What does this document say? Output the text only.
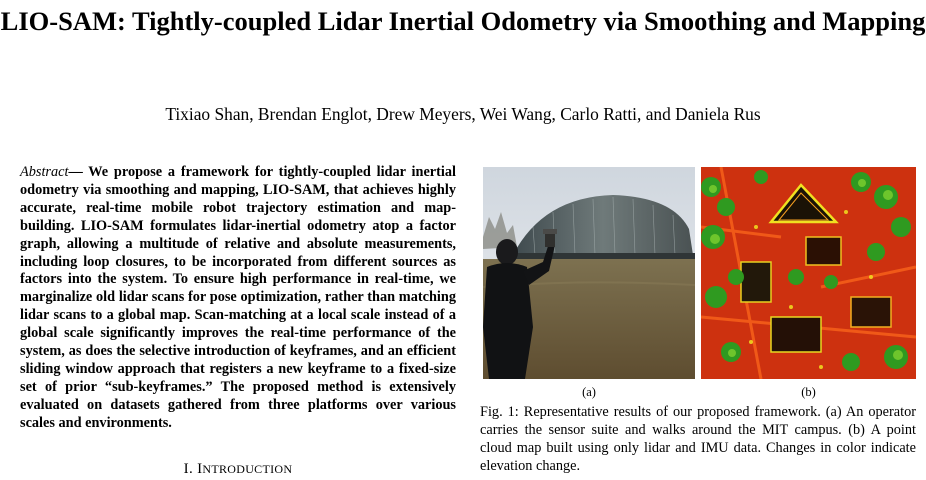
LIO-SAM: Tightly-coupled Lidar Inertial Odometry via Smoothing and Mapping
Tixiao Shan, Brendan Englot, Drew Meyers, Wei Wang, Carlo Ratti, and Daniela Rus
Abstract— We propose a framework for tightly-coupled lidar inertial odometry via smoothing and mapping, LIO-SAM, that achieves highly accurate, real-time mobile robot trajectory estimation and map-building. LIO-SAM formulates lidar-inertial odometry atop a factor graph, allowing a multitude of relative and absolute measurements, including loop closures, to be incorporated from different sources as factors into the system. To ensure high performance in real-time, we marginalize old lidar scans for pose optimization, rather than matching lidar scans to a global map. Scan-matching at a local scale instead of a global scale significantly improves the real-time performance of the system, as does the selective introduction of keyframes, and an efficient sliding window approach that registers a new keyframe to a fixed-size set of prior “sub-keyframes.” The proposed method is extensively evaluated on datasets gathered from three platforms over various scales and environments.
I. INTRODUCTION
(a)	(b)
Fig. 1: Representative results of our proposed framework. (a) An operator carries the sensor suite and walks around the MIT campus. (b) A point cloud map built using only lidar and IMU data. Changes in color indicate elevation change.
